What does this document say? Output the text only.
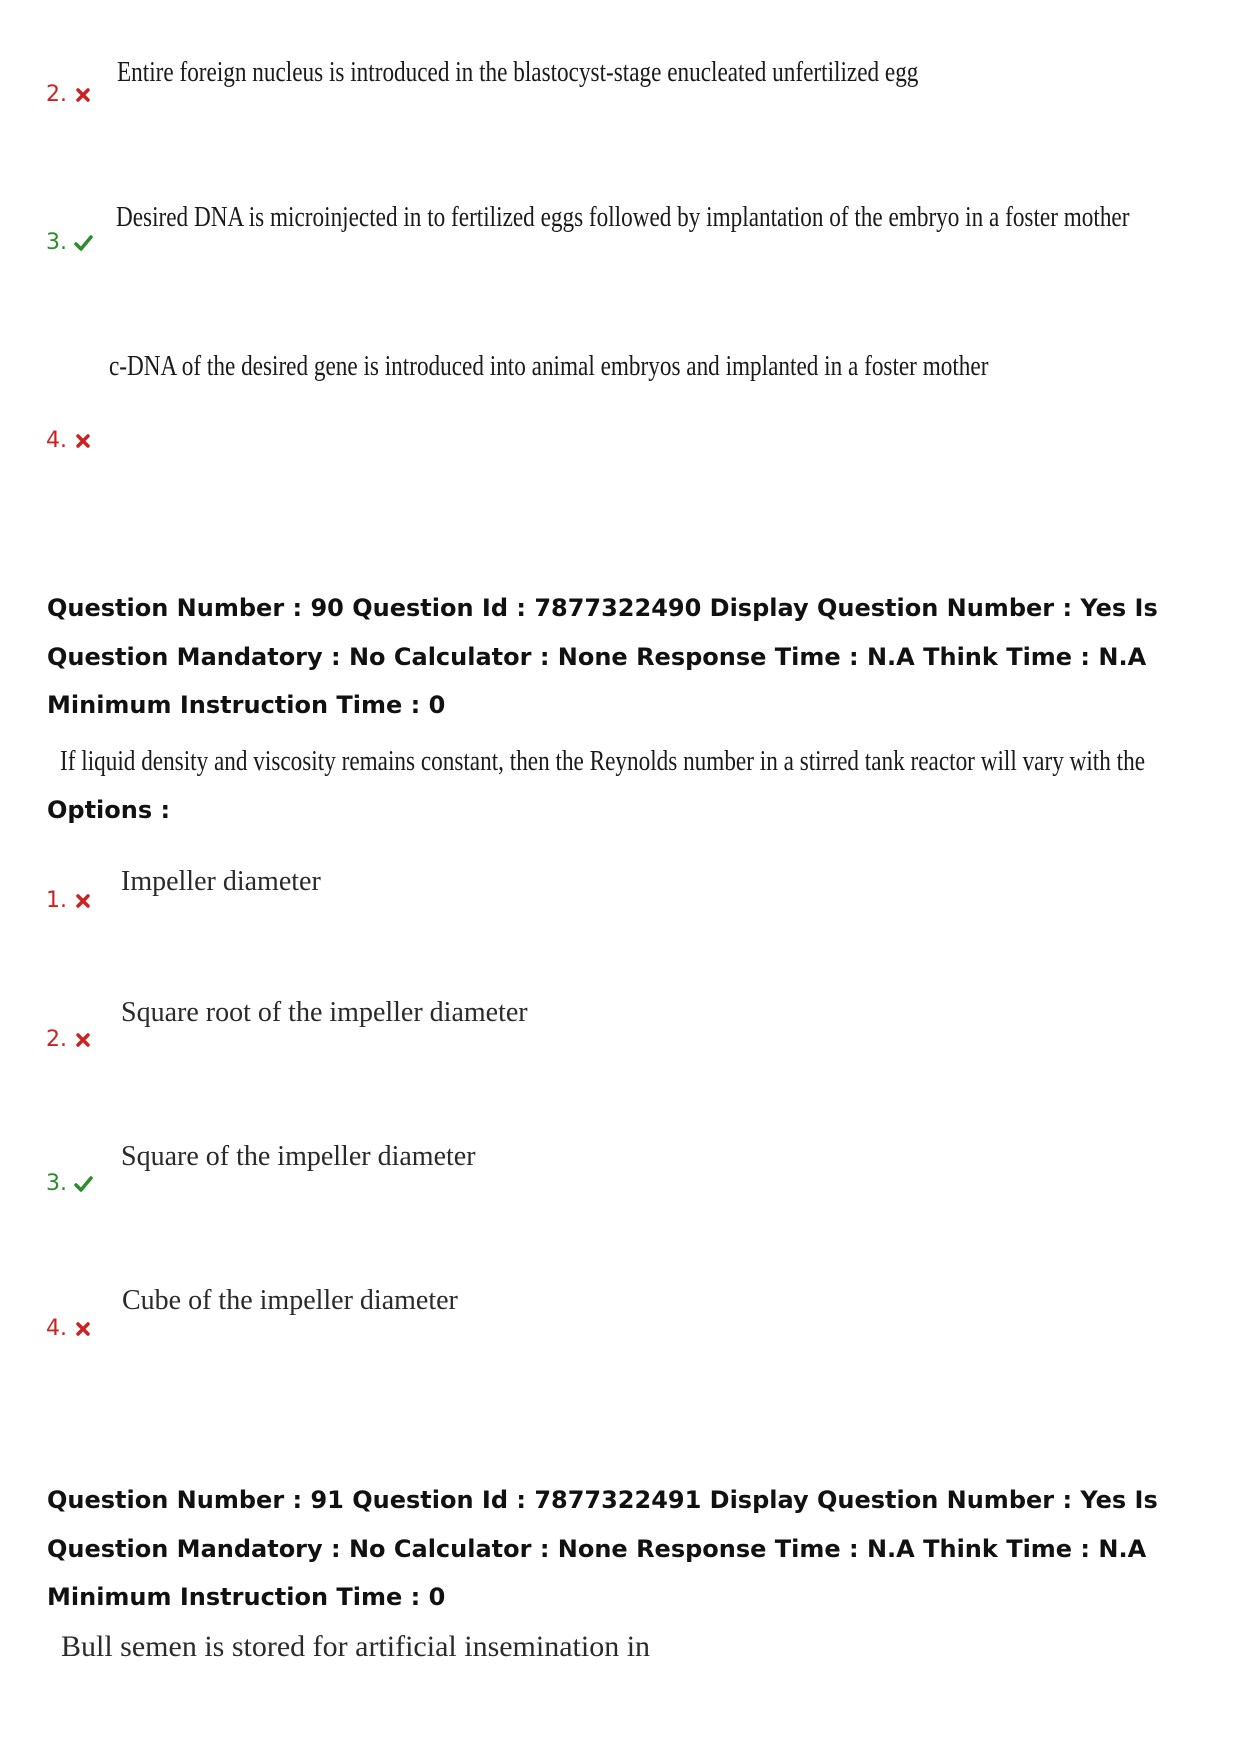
Entire foreign nucleus is introduced in the blastocyst-stage enucleated unfertilized egg
2.
Desired DNA is microinjected in to fertilized eggs followed by implantation of the embryo in a foster mother
3.
c-DNA of the desired gene is introduced into animal embryos and implanted in a foster mother
4.
Question Number : 90 Question Id : 7877322490 Display Question Number : Yes Is Question Mandatory : No Calculator : None Response Time : N.A Think Time : N.A Minimum Instruction Time : 0
If liquid density and viscosity remains constant, then the Reynolds number in a stirred tank reactor will vary with the
Options :
Impeller diameter
1.
Square root of the impeller diameter
2.
Square of the impeller diameter
3.
Cube of the impeller diameter
4.
Question Number : 91 Question Id : 7877322491 Display Question Number : Yes Is Question Mandatory : No Calculator : None Response Time : N.A Think Time : N.A Minimum Instruction Time : 0
Bull semen is stored for artificial insemination in
